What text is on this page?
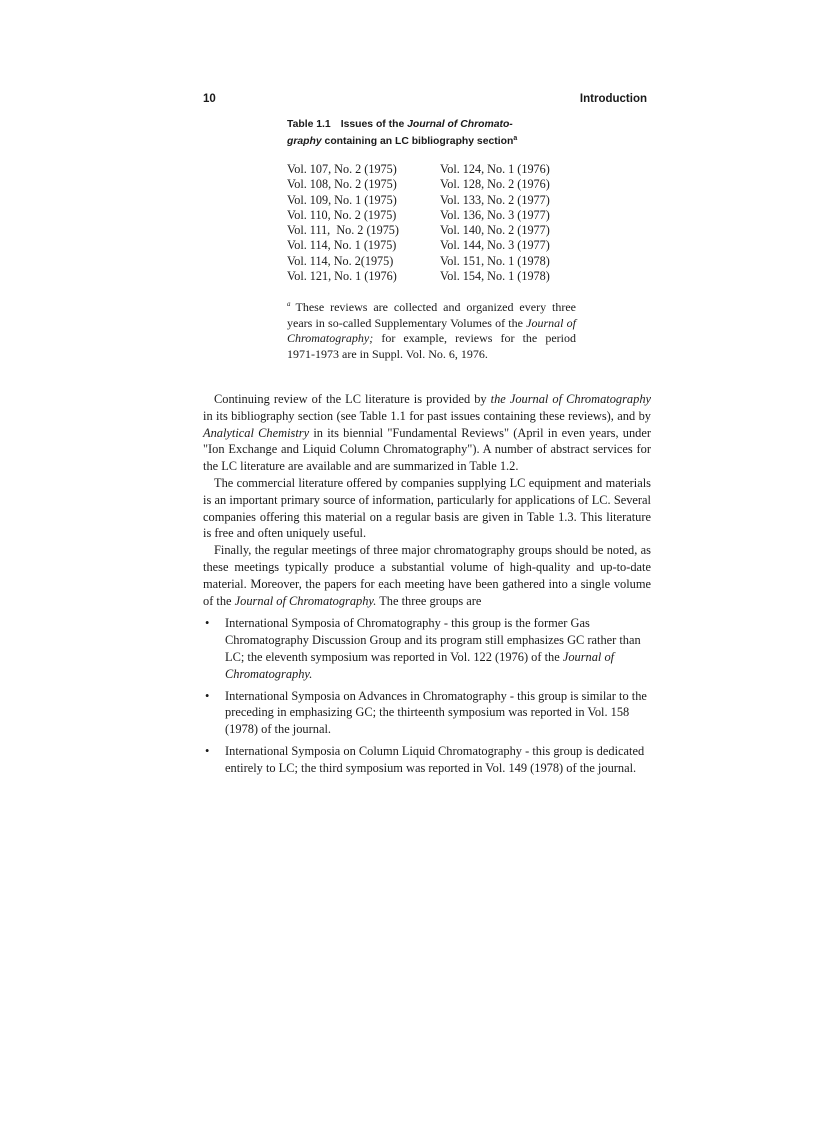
10	Introduction
Table 1.1 Issues of the Journal of Chromato-
graphy containing an LC bibliography section$^a$
Vol. 107, No. 2 (1975)
Vol. 108, No. 2 (1975)
Vol. 109, No. 1 (1975)
Vol. 110, No. 2 (1975)
Vol. 111,  No. 2 (1975)
Vol. 114, No. 1 (1975)
Vol. 114, No. 2(1975)
Vol. 121, No. 1 (1976)
Vol. 124, No. 1 (1976)
Vol. 128, No. 2 (1976)
Vol. 133, No. 2 (1977)
Vol. 136, No. 3 (1977)
Vol. 140, No. 2 (1977)
Vol. 144, No. 3 (1977)
Vol. 151, No. 1 (1978)
Vol. 154, No. 1 (1978)
$^a$ These reviews are collected and organized every three years in so-called Supplementary Volumes of the Journal of Chromatography; for example, reviews for the period 1971-1973 are in Suppl. Vol. No. 6, 1976.

Continuing review of the LC literature is provided by the Journal of Chromatography in its bibliography section (see Table 1.1 for past issues containing these reviews), and by Analytical Chemistry in its biennial "Fundamental Reviews" (April in even years, under "Ion Exchange and Liquid Column Chromatography"). A number of abstract services for the LC literature are available and are summarized in Table 1.2.

The commercial literature offered by companies supplying LC equipment and materials is an important primary source of information, particularly for applications of LC. Several companies offering this material on a regular basis are given in Table 1.3. This literature is free and often uniquely useful.

Finally, the regular meetings of three major chromatography groups should be noted, as these meetings typically produce a substantial volume of high-quality and up-to-date material. Moreover, the papers for each meeting have been gathered into a single volume of the Journal of Chromatography. The three groups are

• International Symposia of Chromatography - this group is the former Gas Chromatography Discussion Group and its program still emphasizes GC rather than LC; the eleventh symposium was reported in Vol. 122 (1976) of the Journal of Chromatography.
• International Symposia on Advances in Chromatography - this group is similar to the preceding in emphasizing GC; the thirteenth symposium was reported in Vol. 158 (1978) of the journal.
• International Symposia on Column Liquid Chromatography - this group is dedicated entirely to LC; the third symposium was reported in Vol. 149 (1978) of the journal.
